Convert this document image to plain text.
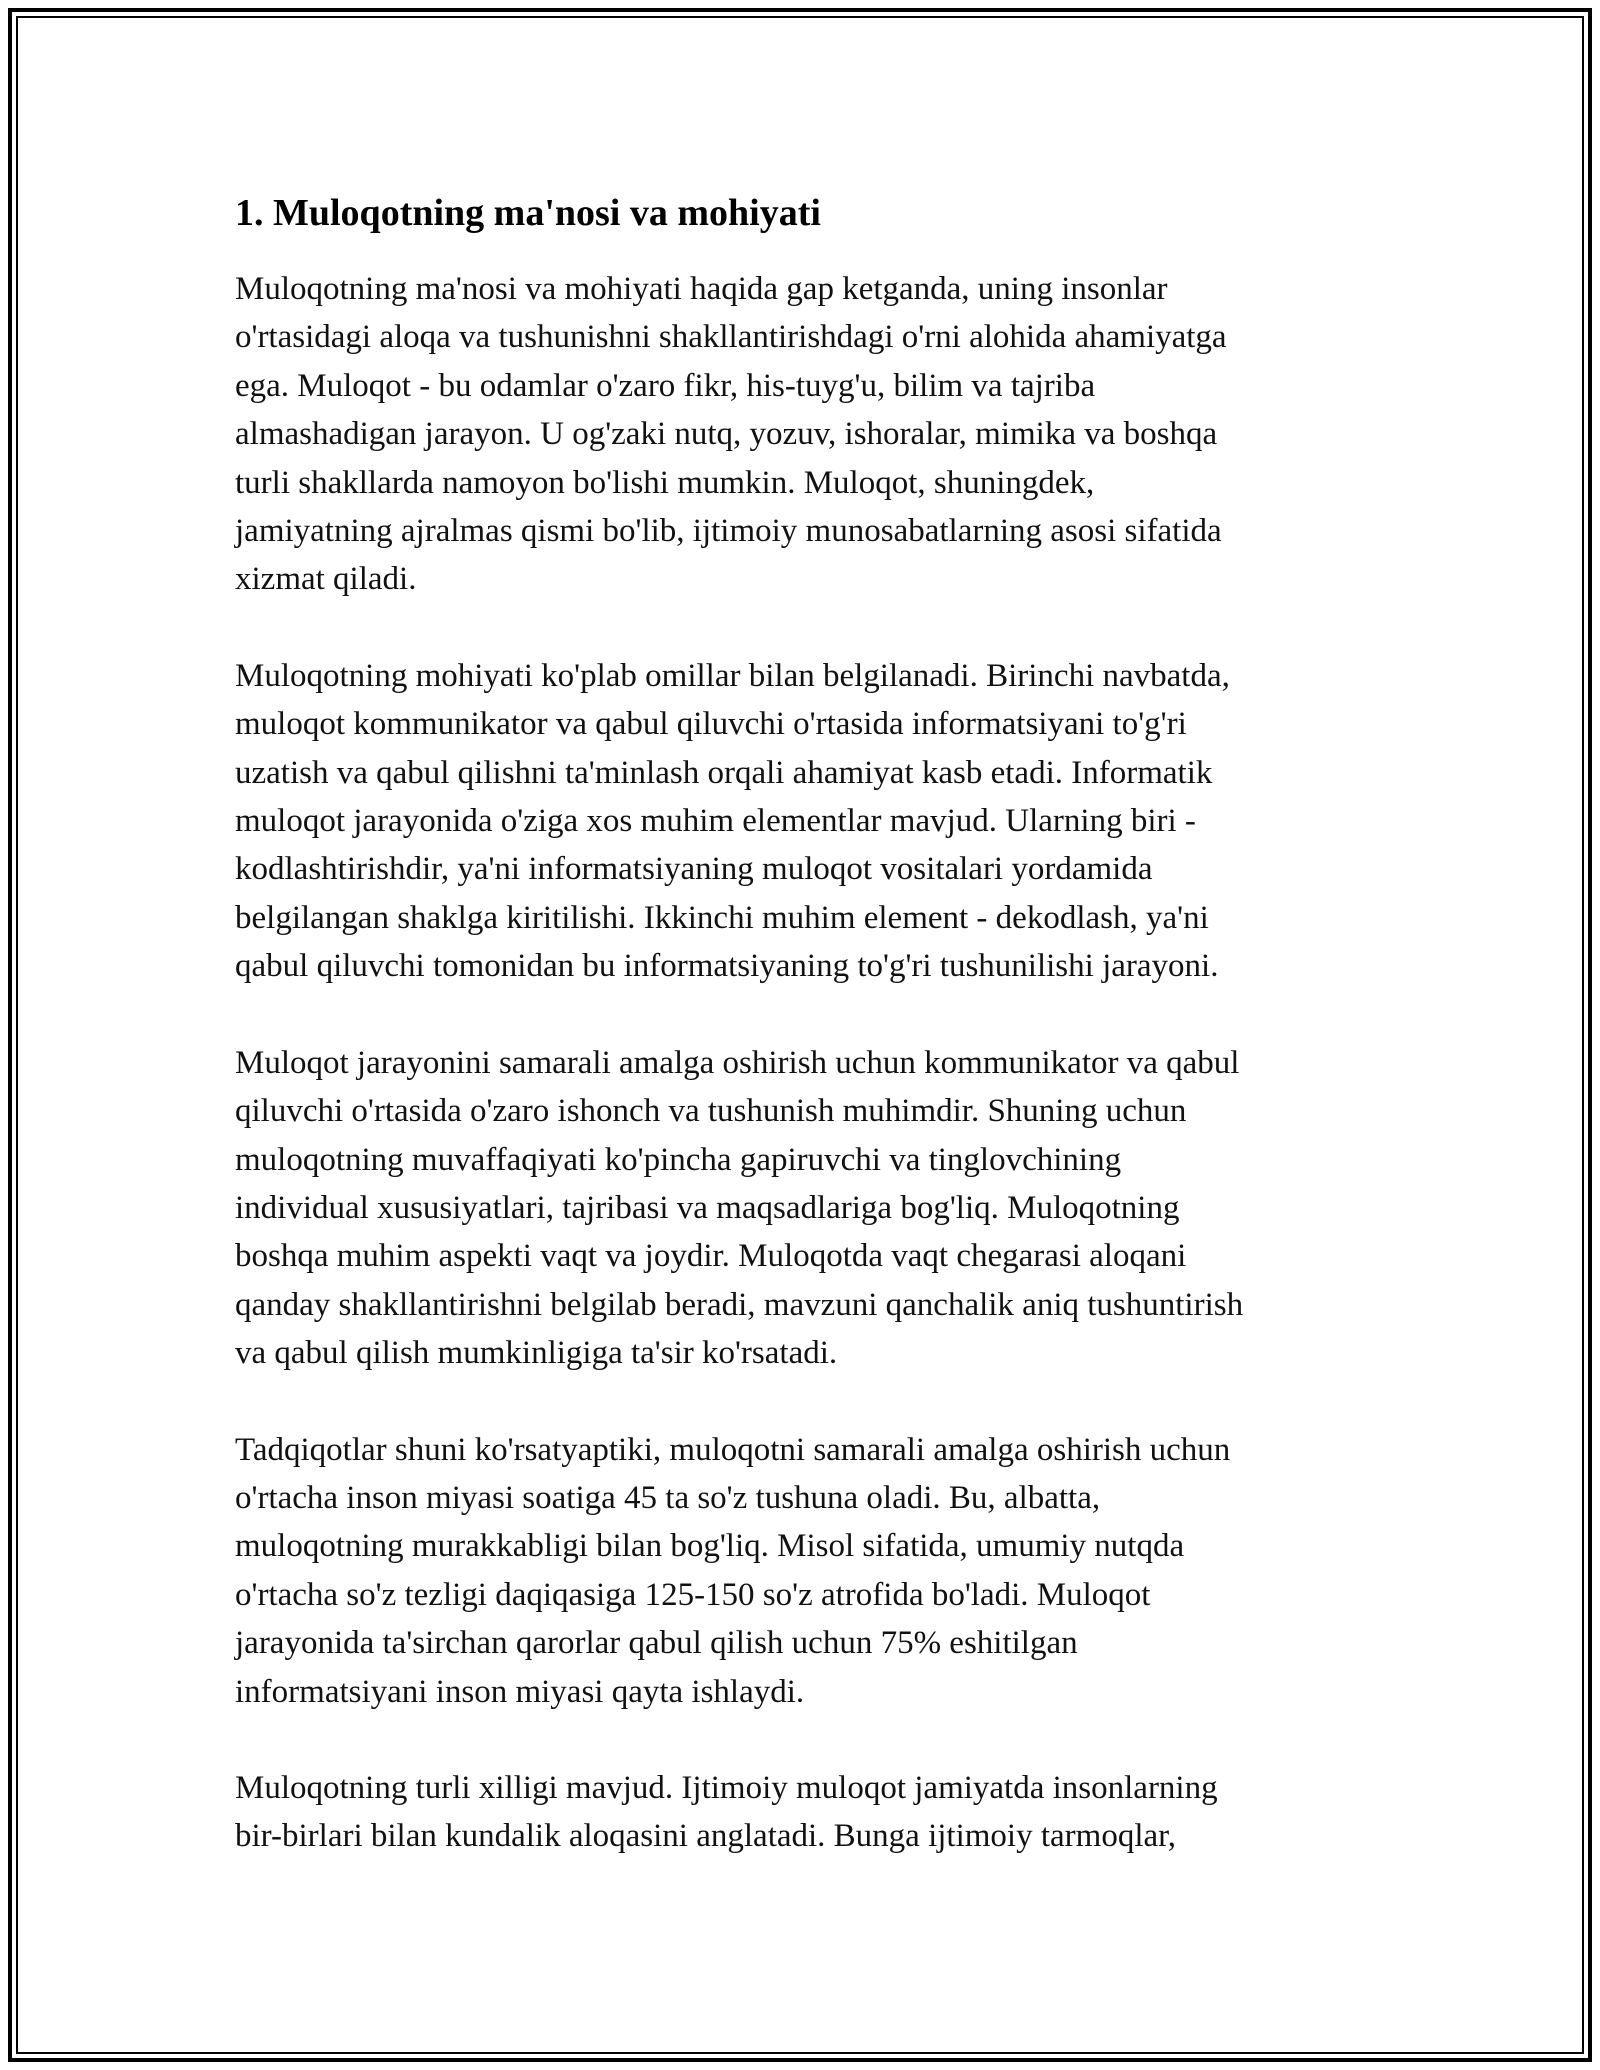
1. Muloqotning ma'nosi va mohiyati

Muloqotning ma'nosi va mohiyati haqida gap ketganda, uning insonlar
o'rtasidagi aloqa va tushunishni shakllantirishdagi o'rni alohida ahamiyatga
ega. Muloqot - bu odamlar o'zaro fikr, his-tuyg'u, bilim va tajriba
almashadigan jarayon. U og'zaki nutq, yozuv, ishoralar, mimika va boshqa
turli shakllarda namoyon bo'lishi mumkin. Muloqot, shuningdek,
jamiyatning ajralmas qismi bo'lib, ijtimoiy munosabatlarning asosi sifatida
xizmat qiladi.

Muloqotning mohiyati ko'plab omillar bilan belgilanadi. Birinchi navbatda,
muloqot kommunikator va qabul qiluvchi o'rtasida informatsiyani to'g'ri
uzatish va qabul qilishni ta'minlash orqali ahamiyat kasb etadi. Informatik
muloqot jarayonida o'ziga xos muhim elementlar mavjud. Ularning biri -
kodlashtirishdir, ya'ni informatsiyaning muloqot vositalari yordamida
belgilangan shaklga kiritilishi. Ikkinchi muhim element - dekodlash, ya'ni
qabul qiluvchi tomonidan bu informatsiyaning to'g'ri tushunilishi jarayoni.

Muloqot jarayonini samarali amalga oshirish uchun kommunikator va qabul
qiluvchi o'rtasida o'zaro ishonch va tushunish muhimdir. Shuning uchun
muloqotning muvaffaqiyati ko'pincha gapiruvchi va tinglovchining
individual xususiyatlari, tajribasi va maqsadlariga bog'liq. Muloqotning
boshqa muhim aspekti vaqt va joydir. Muloqotda vaqt chegarasi aloqani
qanday shakllantirishni belgilab beradi, mavzuni qanchalik aniq tushuntirish
va qabul qilish mumkinligiga ta'sir ko'rsatadi.

Tadqiqotlar shuni ko'rsatyaptiki, muloqotni samarali amalga oshirish uchun
o'rtacha inson miyasi soatiga 45 ta so'z tushuna oladi. Bu, albatta,
muloqotning murakkabligi bilan bog'liq. Misol sifatida, umumiy nutqda
o'rtacha so'z tezligi daqiqasiga 125-150 so'z atrofida bo'ladi. Muloqot
jarayonida ta'sirchan qarorlar qabul qilish uchun 75% eshitilgan
informatsiyani inson miyasi qayta ishlaydi.

Muloqotning turli xilligi mavjud. Ijtimoiy muloqot jamiyatda insonlarning
bir-birlari bilan kundalik aloqasini anglatadi. Bunga ijtimoiy tarmoqlar,
